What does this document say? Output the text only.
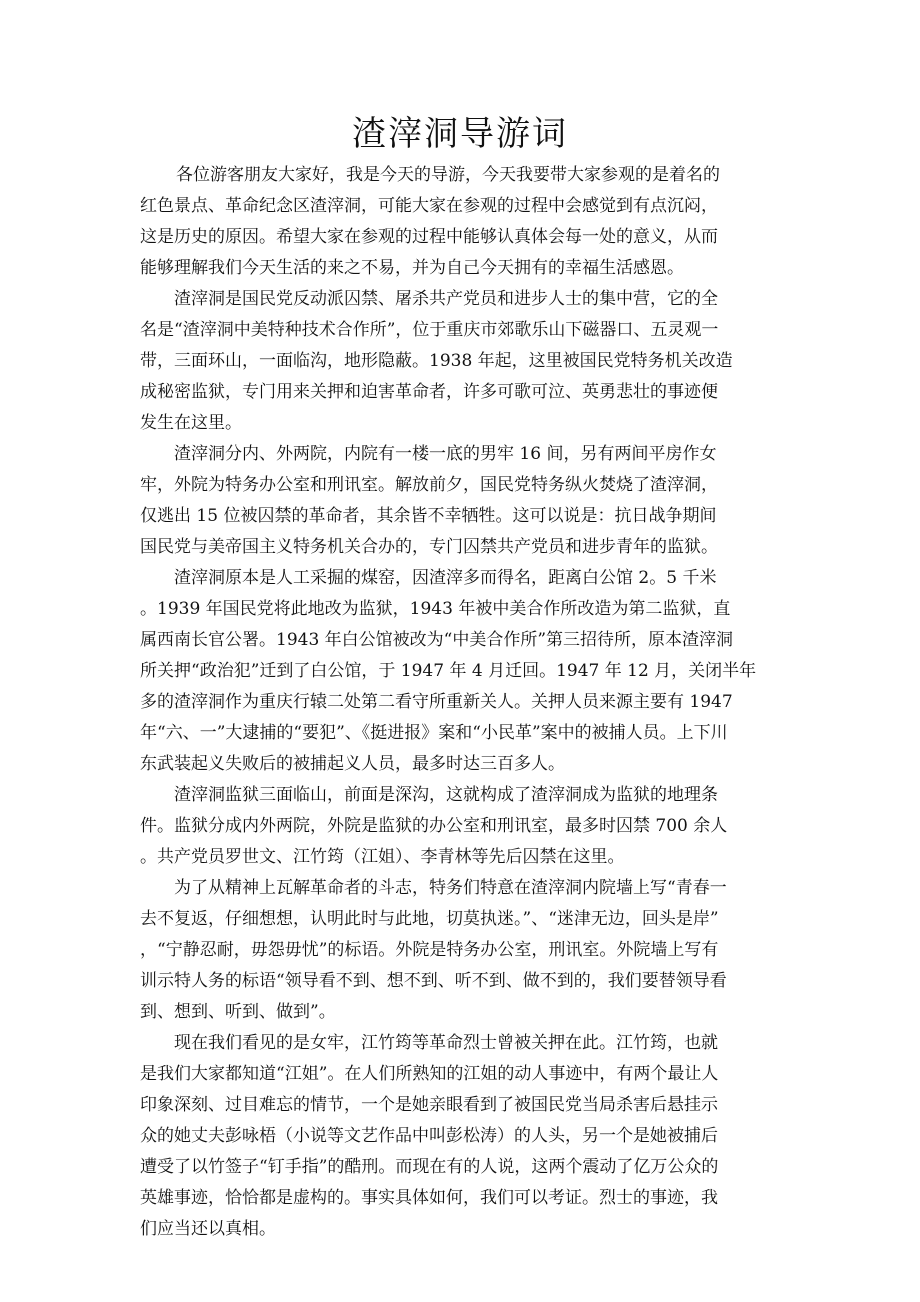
渣滓洞导游词
各位游客朋友大家好，我是今天的导游，今天我要带大家参观的是着名的
红色景点、革命纪念区渣滓洞，可能大家在参观的过程中会感觉到有点沉闷，
这是历史的原因。希望大家在参观的过程中能够认真体会每一处的意义，从而
能够理解我们今天生活的来之不易，并为自己今天拥有的幸福生活感恩。
渣滓洞是国民党反动派囚禁、屠杀共产党员和进步人士的集中营，它的全
名是“渣滓洞中美特种技术合作所”，位于重庆市郊歌乐山下磁器口、五灵观一
带，三面环山，一面临沟，地形隐蔽。1938 年起，这里被国民党特务机关改造
成秘密监狱，专门用来关押和迫害革命者，许多可歌可泣、英勇悲壮的事迹便
发生在这里。
渣滓洞分内、外两院，内院有一楼一底的男牢 16 间，另有两间平房作女
牢，外院为特务办公室和刑讯室。解放前夕，国民党特务纵火焚烧了渣滓洞，
仅逃出 15 位被囚禁的革命者，其余皆不幸牺牲。这可以说是：抗日战争期间
国民党与美帝国主义特务机关合办的，专门囚禁共产党员和进步青年的监狱。
渣滓洞原本是人工采掘的煤窑，因渣滓多而得名，距离白公馆 2。5 千米
。1939 年国民党将此地改为监狱，1943 年被中美合作所改造为第二监狱，直
属西南长官公署。1943 年白公馆被改为“中美合作所”第三招待所，原本渣滓洞
所关押“政治犯”迁到了白公馆，于 1947 年 4 月迁回。1947 年 12 月，关闭半年
多的渣滓洞作为重庆行辕二处第二看守所重新关人。关押人员来源主要有 1947
年“六、一”大逮捕的“要犯”、《挺进报》案和“小民革”案中的被捕人员。上下川
东武装起义失败后的被捕起义人员，最多时达三百多人。
渣滓洞监狱三面临山，前面是深沟，这就构成了渣滓洞成为监狱的地理条
件。监狱分成内外两院，外院是监狱的办公室和刑讯室，最多时囚禁 700 余人
。共产党员罗世文、江竹筠（江姐）、李青林等先后囚禁在这里。
为了从精神上瓦解革命者的斗志，特务们特意在渣滓洞内院墙上写“青春一
去不复返，仔细想想，认明此时与此地，切莫执迷。”、“迷津无边，回头是岸”
，“宁静忍耐，毋怨毋忧”的标语。外院是特务办公室，刑讯室。外院墙上写有
训示特人务的标语“领导看不到、想不到、听不到、做不到的，我们要替领导看
到、想到、听到、做到”。
现在我们看见的是女牢，江竹筠等革命烈士曾被关押在此。江竹筠，也就
是我们大家都知道“江姐”。在人们所熟知的江姐的动人事迹中，有两个最让人
印象深刻、过目难忘的情节，一个是她亲眼看到了被国民党当局杀害后悬挂示
众的她丈夫彭咏梧（小说等文艺作品中叫彭松涛）的人头，另一个是她被捕后
遭受了以竹签子“钉手指”的酷刑。而现在有的人说，这两个震动了亿万公众的
英雄事迹，恰恰都是虚构的。事实具体如何，我们可以考证。烈士的事迹，我
们应当还以真相。
